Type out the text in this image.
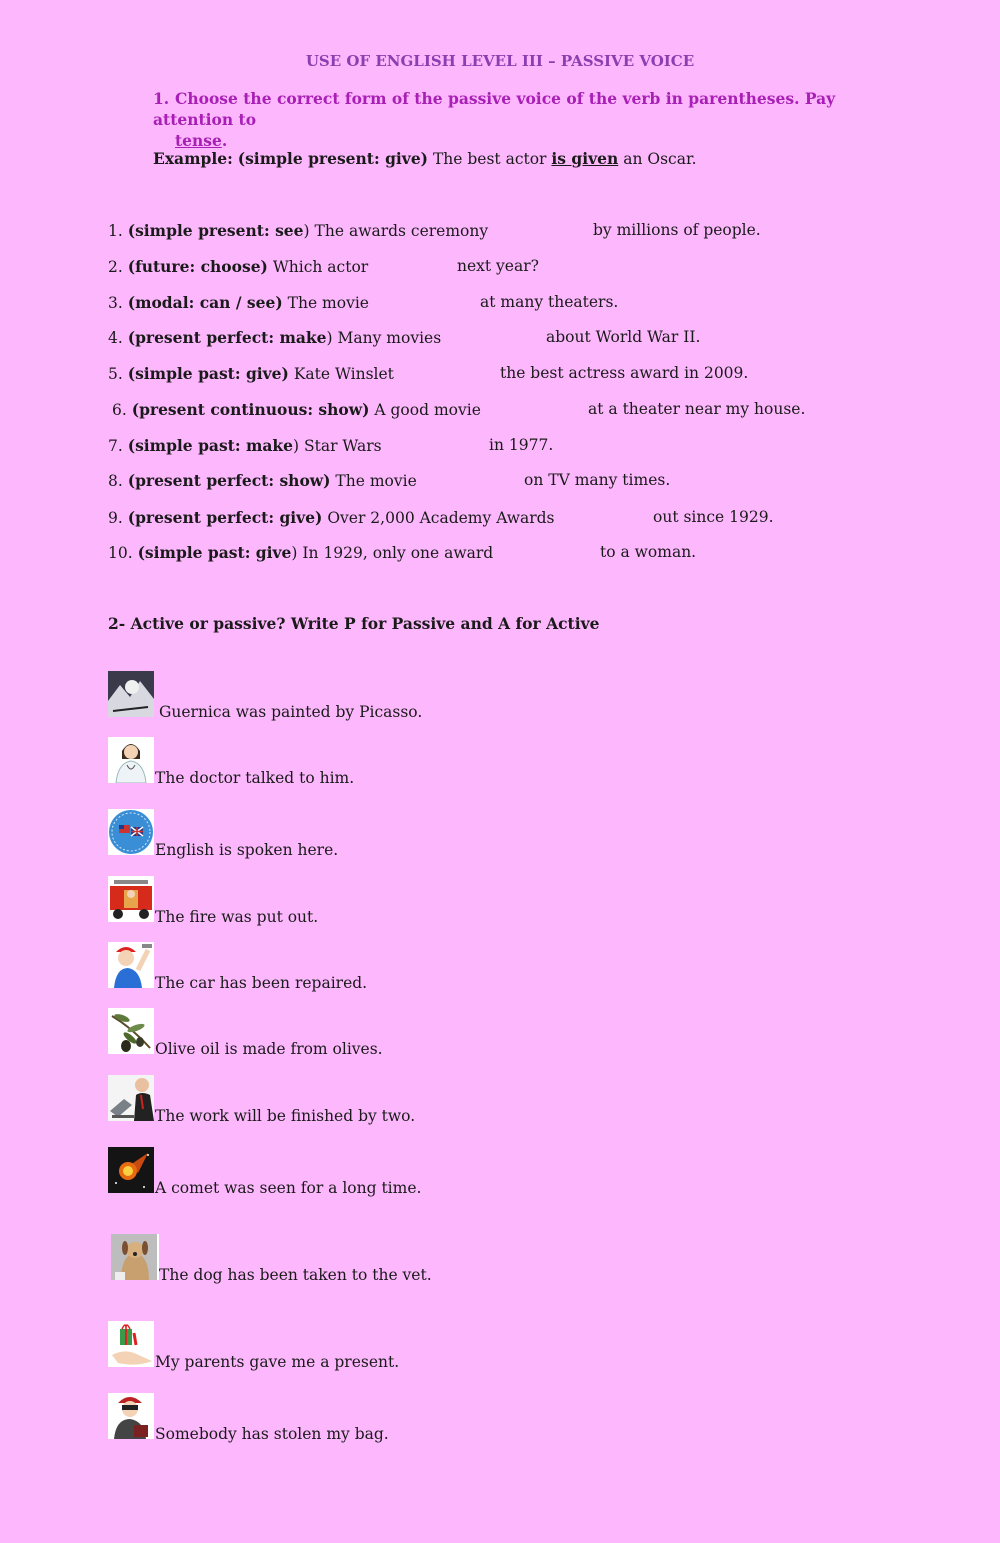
USE OF ENGLISH LEVEL III – PASSIVE VOICE
1. Choose the correct form of the passive voice of the verb in parentheses. Pay attention to
tense.
Example: (simple present: give) The best actor is given an Oscar.
1. (simple present: see) The awards ceremony	by millions of people.
2. (future: choose) Which actor	next year?
3. (modal: can / see) The movie	at many theaters.
4. (present perfect: make) Many movies	about World War II.
5. (simple past: give) Kate Winslet	the best actress award in 2009.
6. (present continuous: show) A good movie	at a theater near my house.
7. (simple past: make) Star Wars	in 1977.
8. (present perfect: show) The movie	on TV many times.
9. (present perfect: give) Over 2,000 Academy Awards	out since 1929.
10. (simple past: give) In 1929, only one award	to a woman.
2- Active or passive? Write P for Passive and A for Active
Guernica was painted by Picasso.
The doctor talked to him.
English is spoken here.
The fire was put out.
The car has been repaired.
Olive oil is made from olives.
The work will be finished by two.
A comet was seen for a long time.
The dog has been taken to the vet.
My parents gave me a present.
Somebody has stolen my bag.
